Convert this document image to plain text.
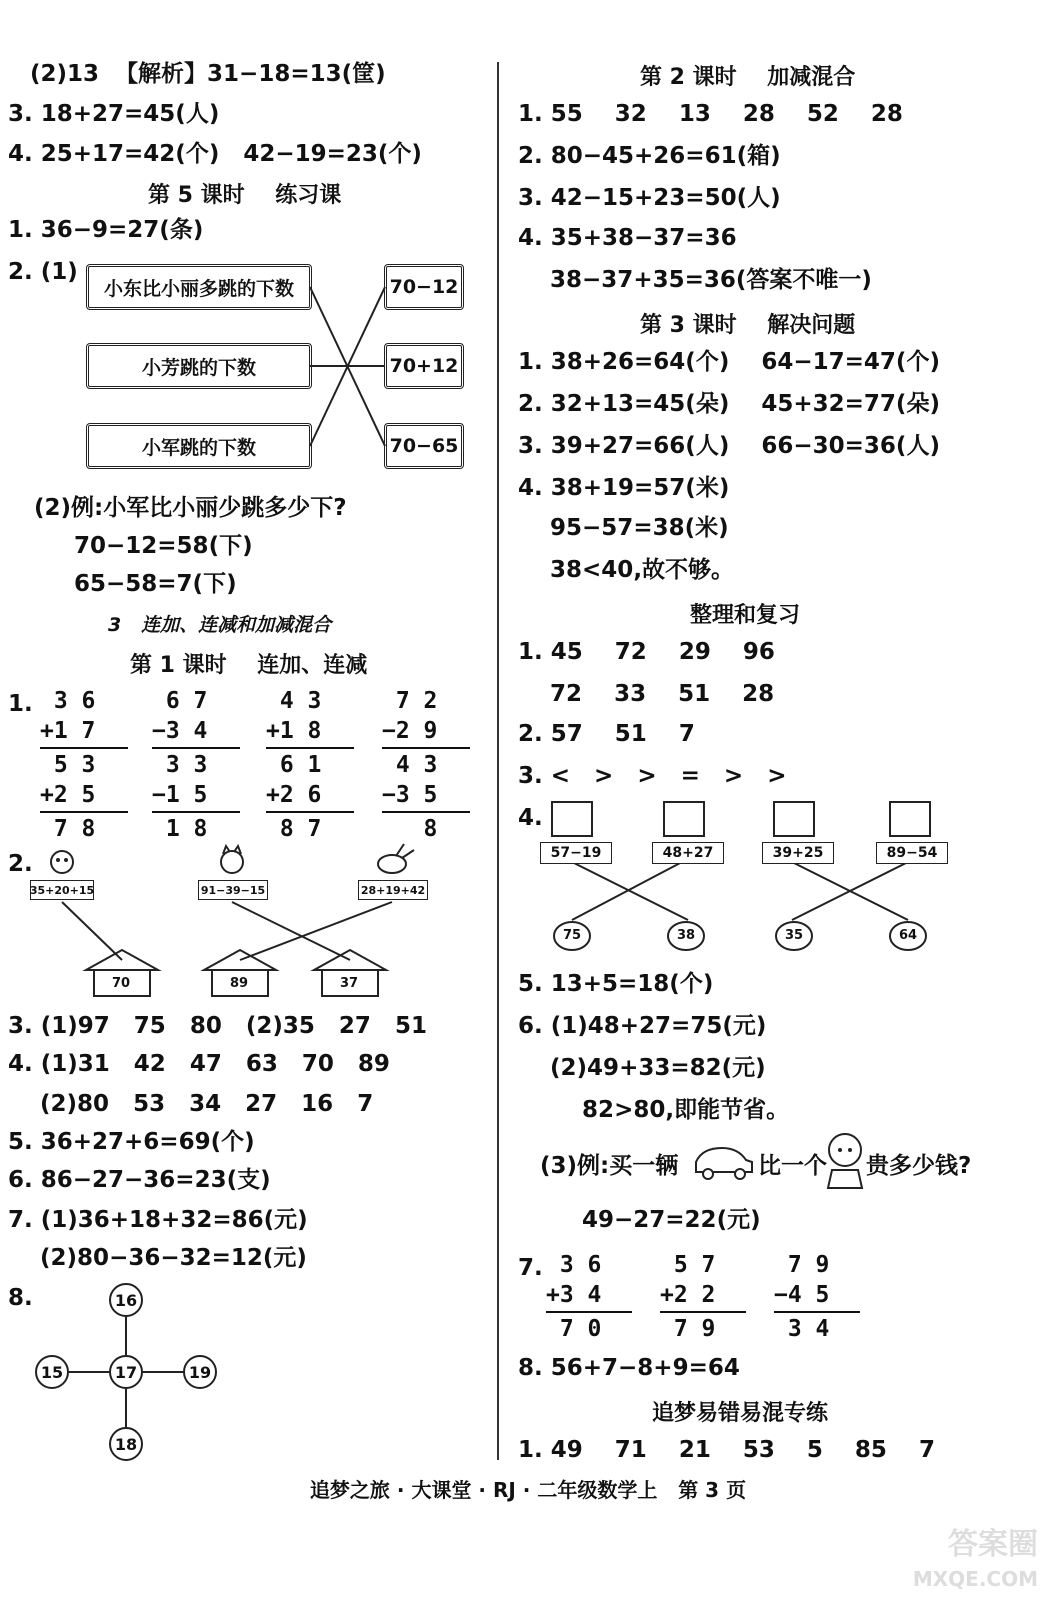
(2)13  【解析】31−18=13(筐)
3. 18+27=45(人)
4. 25+17=42(个)   42−19=23(个)
第 5 课时    练习课
1. 36−9=27(条)
2. (1)
小东比小丽多跳的下数
小芳跳的下数
小军跳的下数
70−12
70+12
70−65
(2)例:小军比小丽少跳多少下?
70−12=58(下)
65−58=7(下)
3   连加、连减和加减混合
第 1 课时    连加、连减
1. 3 6
+1 7
5 3
+2 5
7 8
6 7
−3 4
3 3
−1 5
1 8
4 3
+1 8
6 1
+2 6
8 7
7 2
−2 9
4 3
−3 5
8
2.
35+20+15	91−39−15	28+19+42
70	89	37
3. (1)97   75   80   (2)35   27   51
4. (1)31   42   47   63   70   89
(2)80   53   34   27   16   7
5. 36+27+6=69(个)
6. 86−27−36=23(支)
7. (1)36+18+32=86(元)
(2)80−36−32=12(元)
8.	16
15	17	19
18
第 2 课时    加减混合
1. 55    32    13    28    52    28
2. 80−45+26=61(箱)
3. 42−15+23=50(人)
4. 35+38−37=36
38−37+35=36(答案不唯一)
第 3 课时    解决问题
1. 38+26=64(个)    64−17=47(个)
2. 32+13=45(朵)    45+32=77(朵)
3. 39+27=66(人)    66−30=36(人)
4. 38+19=57(米)
95−57=38(米)
38<40,故不够。
整理和复习
1. 45    72    29    96
72    33    51    28
2. 57    51    7
3. <   >   >   =   >   >
4.
57−19	48+27	39+25	89−54
75	38	35	64
5. 13+5=18(个)
6. (1)48+27=75(元)
(2)49+33=82(元)
82>80,即能节省。
(3)例:买一辆	比一个 贵多少钱?
49−27=22(元)
7. 3 6
+3 4
7 0
5 7
+2 2
7 9
7 9
−4 5
3 4
8. 56+7−8+9=64
追梦易错易混专练
1. 49    71    21    53    5    85    7
追梦之旅 · 大课堂 · RJ · 二年级数学上   第 3 页
答案圈
MXQE.COM
